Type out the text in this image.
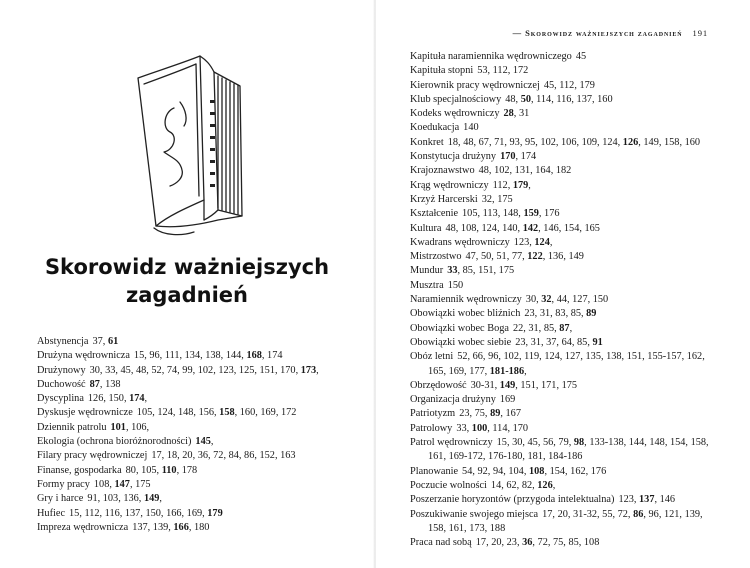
Skorowidz ważniejszych
zagadnień
Abstynencja 37, 61
Drużyna wędrownicza 15, 96, 111, 134, 138, 144, 168, 174
Drużynowy 30, 33, 45, 48, 52, 74, 99, 102, 123, 125, 151, 170, 173,
Duchowość 87, 138
Dyscyplina 126, 150, 174,
Dyskusje wędrownicze 105, 124, 148, 156, 158, 160, 169, 172
Dziennik patrolu 101, 106,
Ekologia (ochrona bioróżnorodności) 145,
Filary pracy wędrowniczej 17, 18, 20, 36, 72, 84, 86, 152, 163
Finanse, gospodarka 80, 105, 110, 178
Formy pracy 108, 147, 175
Gry i harce 91, 103, 136, 149,
Hufiec 15, 112, 116, 137, 150, 166, 169, 179
Impreza wędrownicza 137, 139, 166, 180
— Skorowidz ważniejszych zagadnień 191
Kapituła naramiennika wędrowniczego 45
Kapituła stopni 53, 112, 172
Kierownik pracy wędrowniczej 45, 112, 179
Klub specjalnościowy 48, 50, 114, 116, 137, 160
Kodeks wędrowniczy 28, 31
Koedukacja 140
Konkret 18, 48, 67, 71, 93, 95, 102, 106, 109, 124, 126, 149, 158, 160
Konstytucja drużyny 170, 174
Krajoznawstwo 48, 102, 131, 164, 182
Krąg wędrowniczy 112, 179,
Krzyż Harcerski 32, 175
Kształcenie 105, 113, 148, 159, 176
Kultura 48, 108, 124, 140, 142, 146, 154, 165
Kwadrans wędrowniczy 123, 124,
Mistrzostwo 47, 50, 51, 77, 122, 136, 149
Mundur 33, 85, 151, 175
Musztra 150
Naramiennik wędrowniczy 30, 32, 44, 127, 150
Obowiązki wobec bliźnich 23, 31, 83, 85, 89
Obowiązki wobec Boga 22, 31, 85, 87,
Obowiązki wobec siebie 23, 31, 37, 64, 85, 91
Obóz letni 52, 66, 96, 102, 119, 124, 127, 135, 138, 151, 155-157, 162,
165, 169, 177, 181-186,
Obrzędowość 30-31, 149, 151, 171, 175
Organizacja drużyny 169
Patriotyzm 23, 75, 89, 167
Patrolowy 33, 100, 114, 170
Patrol wędrowniczy 15, 30, 45, 56, 79, 98, 133-138, 144, 148, 154, 158,
161, 169-172, 176-180, 181, 184-186
Planowanie 54, 92, 94, 104, 108, 154, 162, 176
Poczucie wolności 14, 62, 82, 126,
Poszerzanie horyzontów (przygoda intelektualna) 123, 137, 146
Poszukiwanie swojego miejsca 17, 20, 31-32, 55, 72, 86, 96, 121, 139,
158, 161, 173, 188
Praca nad sobą 17, 20, 23, 36, 72, 75, 85, 108
